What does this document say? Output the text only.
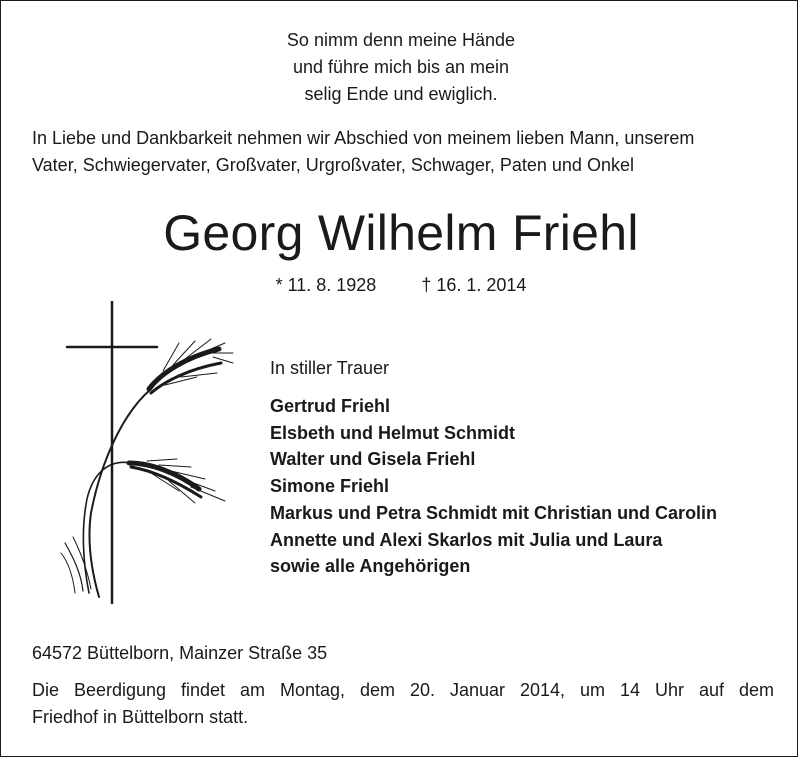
So nimm denn meine Hände
und führe mich bis an mein
selig Ende und ewiglich.
In Liebe und Dankbarkeit nehmen wir Abschied von meinem lieben Mann, unserem
Vater, Schwiegervater, Großvater, Urgroßvater, Schwager, Paten und Onkel
Georg Wilhelm Friehl
* 11. 8. 1928	† 16. 1. 2014
In stiller Trauer
Gertrud Friehl
Elsbeth und Helmut Schmidt
Walter und Gisela Friehl
Simone Friehl
Markus und Petra Schmidt mit Christian und Carolin
Annette und Alexi Skarlos mit Julia und Laura
sowie alle Angehörigen
64572 Büttelborn, Mainzer Straße 35
Die Beerdigung findet am Montag, dem 20. Januar 2014, um 14 Uhr auf dem
Friedhof in Büttelborn statt.
